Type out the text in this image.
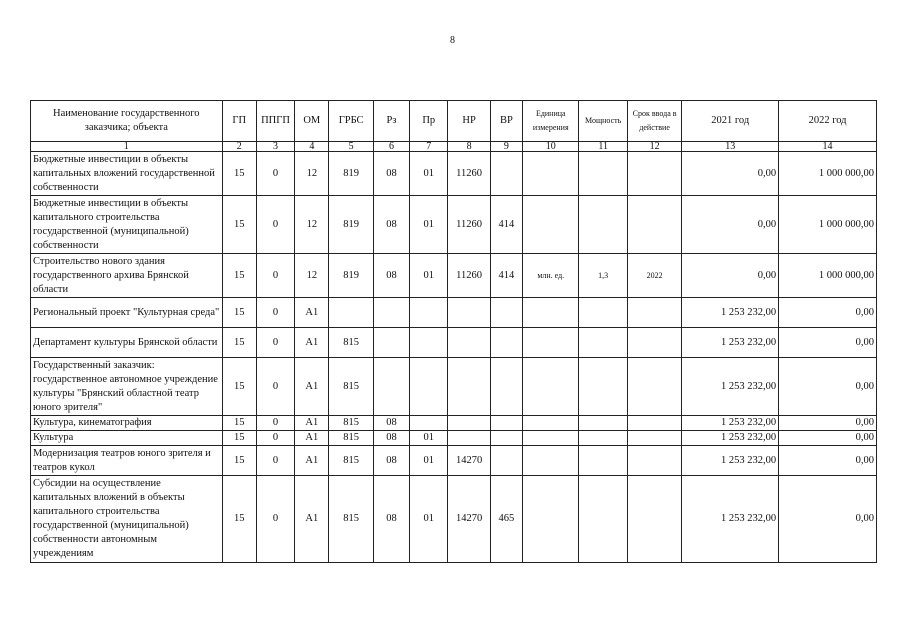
8
Наименование государственного заказчика; объекта	ГП	ППГП	ОМ	ГРБС	Рз	Пр	НР	ВР	Единица измерения	Мощность	Срок ввода в действие	2021 год	2022 год
1	2	3	4	5	6	7	8	9	10	11	12	13	14
Бюджетные инвестиции в объекты капитальных вложений государственной собственности	15	0	12	819	08	01	11260					0,00	1 000 000,00
Бюджетные инвестиции в объекты капитального строительства государственной (муниципальной) собственности	15	0	12	819	08	01	11260	414				0,00	1 000 000,00
Строительство нового здания государственного архива Брянской области	15	0	12	819	08	01	11260	414	млн. ед.	1,3	2022	0,00	1 000 000,00
Региональный проект "Культурная среда"	15	0	A1									1 253 232,00	0,00
Департамент культуры Брянской области	15	0	A1	815								1 253 232,00	0,00
Государственный заказчик: государственное автономное учреждение культуры "Брянский областной театр юного зрителя"	15	0	A1	815								1 253 232,00	0,00
Культура, кинематография	15	0	A1	815	08							1 253 232,00	0,00
Культура	15	0	A1	815	08	01						1 253 232,00	0,00
Модернизация театров юного зрителя и театров кукол	15	0	A1	815	08	01	14270					1 253 232,00	0,00
Субсидии на осуществление капитальных вложений в объекты капитального строительства государственной (муниципальной) собственности автономным учреждениям	15	0	A1	815	08	01	14270	465				1 253 232,00	0,00
